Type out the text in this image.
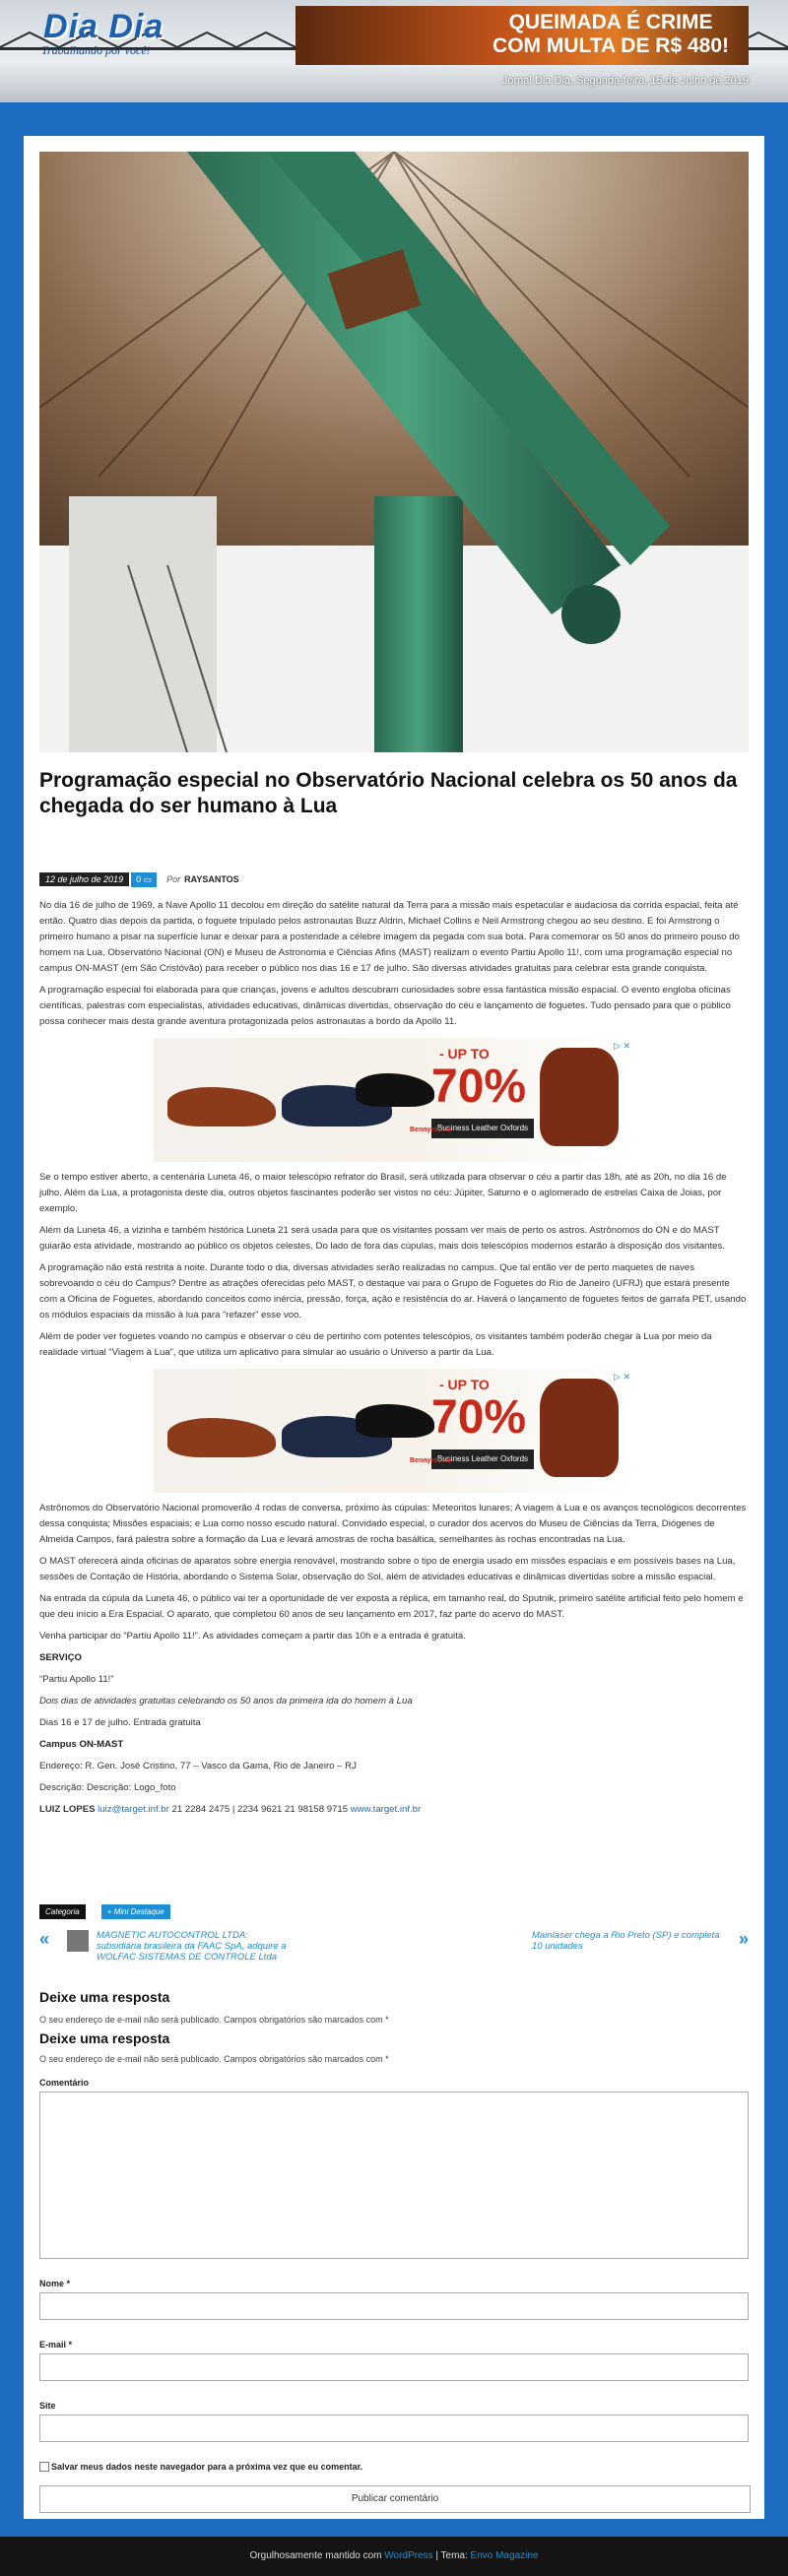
Dia Dia
Trabalhando por você!
QUEIMADA É CRIME
COM MULTA DE R$ 480!
Jornal Dia Dia, Segunda-feira, 15 de Julho de 2019
Programação especial no Observatório Nacional celebra os 50 anos da chegada do ser humano à Lua
12 de julho de 2019	0 ▭	Por RAYSANTOS

No dia 16 de julho de 1969, a Nave Apollo 11 decolou em direção do satélite natural da Terra para a missão mais espetacular e audaciosa da corrida espacial, feita até então. Quatro dias depois da partida, o foguete tripulado pelos astronautas Buzz Aldrin, Michael Collins e Neil Armstrong chegou ao seu destino. E foi Armstrong o primeiro humano a pisar na superfície lunar e deixar para a posteridade a célebre imagem da pegada com sua bota. Para comemorar os 50 anos do primeiro pouso do homem na Lua, Observatório Nacional (ON) e Museu de Astronomia e Ciências Afins (MAST) realizam o evento Partiu Apollo 11!, com uma programação especial no campus ON-MAST (em São Cristóvão) para receber o público nos dias 16 e 17 de julho. São diversas atividades gratuitas para celebrar esta grande conquista.

A programação especial foi elaborada para que crianças, jovens e adultos descubram curiosidades sobre essa fantástica missão espacial. O evento engloba oficinas científicas, palestras com especialistas, atividades educativas, dinâmicas divertidas, observação do céu e lançamento de foguetes. Tudo pensado para que o público possa conhecer mais desta grande aventura protagonizada pelos astronautas a bordo da Apollo 11.

- UP TO
70%
Business Leather Oxfords
Bennyround
▷ ✕

Se o tempo estiver aberto, a centenária Luneta 46, o maior telescópio refrator do Brasil, será utilizada para observar o céu a partir das 18h, até as 20h, no dia 16 de julho. Além da Lua, a protagonista deste dia, outros objetos fascinantes poderão ser vistos no céu: Júpiter, Saturno e o aglomerado de estrelas Caixa de Joias, por exemplo.

Além da Luneta 46, a vizinha e também histórica Luneta 21 será usada para que os visitantes possam ver mais de perto os astros. Astrônomos do ON e do MAST guiarão esta atividade, mostrando ao público os objetos celestes. Do lado de fora das cúpulas, mais dois telescópios modernos estarão à disposição dos visitantes.

A programação não está restrita à noite. Durante todo o dia, diversas atividades serão realizadas no campus. Que tal então ver de perto maquetes de naves sobrevoando o céu do Campus? Dentre as atrações oferecidas pelo MAST, o destaque vai para o Grupo de Foguetes do Rio de Janeiro (UFRJ) que estará presente com a Oficina de Foguetes, abordando conceitos como inércia, pressão, força, ação e resistência do ar. Haverá o lançamento de foguetes feitos de garrafa PET, usando os módulos espaciais da missão à lua para “refazer” esse voo.

Além de poder ver foguetes voando no campus e observar o céu de pertinho com potentes telescópios, os visitantes também poderão chegar à Lua por meio da realidade virtual “Viagem à Lua”, que utiliza um aplicativo para simular ao usuário o Universo a partir da Lua.

- UP TO
70%
Business Leather Oxfords
Bennyround
▷ ✕

Astrônomos do Observatório Nacional promoverão 4 rodas de conversa, próximo às cúpulas: Meteoritos lunares; A viagem à Lua e os avanços tecnológicos decorrentes dessa conquista; Missões espaciais; e Lua como nosso escudo natural. Convidado especial, o curador dos acervos do Museu de Ciências da Terra, Diógenes de Almeida Campos, fará palestra sobre a formação da Lua e levará amostras de rocha basáltica, semelhantes às rochas encontradas na Lua.

O MAST oferecerá ainda oficinas de aparatos sobre energia renovável, mostrando sobre o tipo de energia usado em missões espaciais e em possíveis bases na Lua, sessões de Contação de História, abordando o Sistema Solar, observação do Sol, além de atividades educativas e dinâmicas divertidas sobre a missão espacial.

Na entrada da cúpula da Luneta 46, o público vai ter a oportunidade de ver exposta a réplica, em tamanho real, do Sputnik, primeiro satélite artificial feito pelo homem e que deu início a Era Espacial. O aparato, que completou 60 anos de seu lançamento em 2017, faz parte do acervo do MAST.

Venha participar do “Partiu Apollo 11!”. As atividades começam a partir das 10h e a entrada é gratuita.

SERVIÇO

“Partiu Apollo 11!”

Dois dias de atividades gratuitas celebrando os 50 anos da primeira ida do homem à Lua

Dias 16 e 17 de julho. Entrada gratuita

Campus ON-MAST

Endereço: R. Gen. José Cristino, 77 – Vasco da Gama, Rio de Janeiro – RJ

Descrição: Descrição: Logo_foto

LUIZ LOPES luiz@target.inf.br 21 2284 2475 | 2234 9621 21 98158 9715 www.target.inf.br

Categoria	+ Mini Destaque
«	MAGNETIC AUTOCONTROL LTDA: subsidiária brasileira da FAAC SpA, adquire a WOLFAC SISTEMAS DE CONTROLE Ltda
Mainlaser chega a Rio Preto (SP) e completa 10 unidades	»
Deixe uma resposta
O seu endereço de e-mail não será publicado. Campos obrigatórios são marcados com *
Deixe uma resposta
O seu endereço de e-mail não será publicado. Campos obrigatórios são marcados com *
Comentário
Nome *
E-mail *
Site
Salvar meus dados neste navegador para a próxima vez que eu comentar.
Publicar comentário
Orgulhosamente mantido com WordPress | Tema: Envo Magazine
